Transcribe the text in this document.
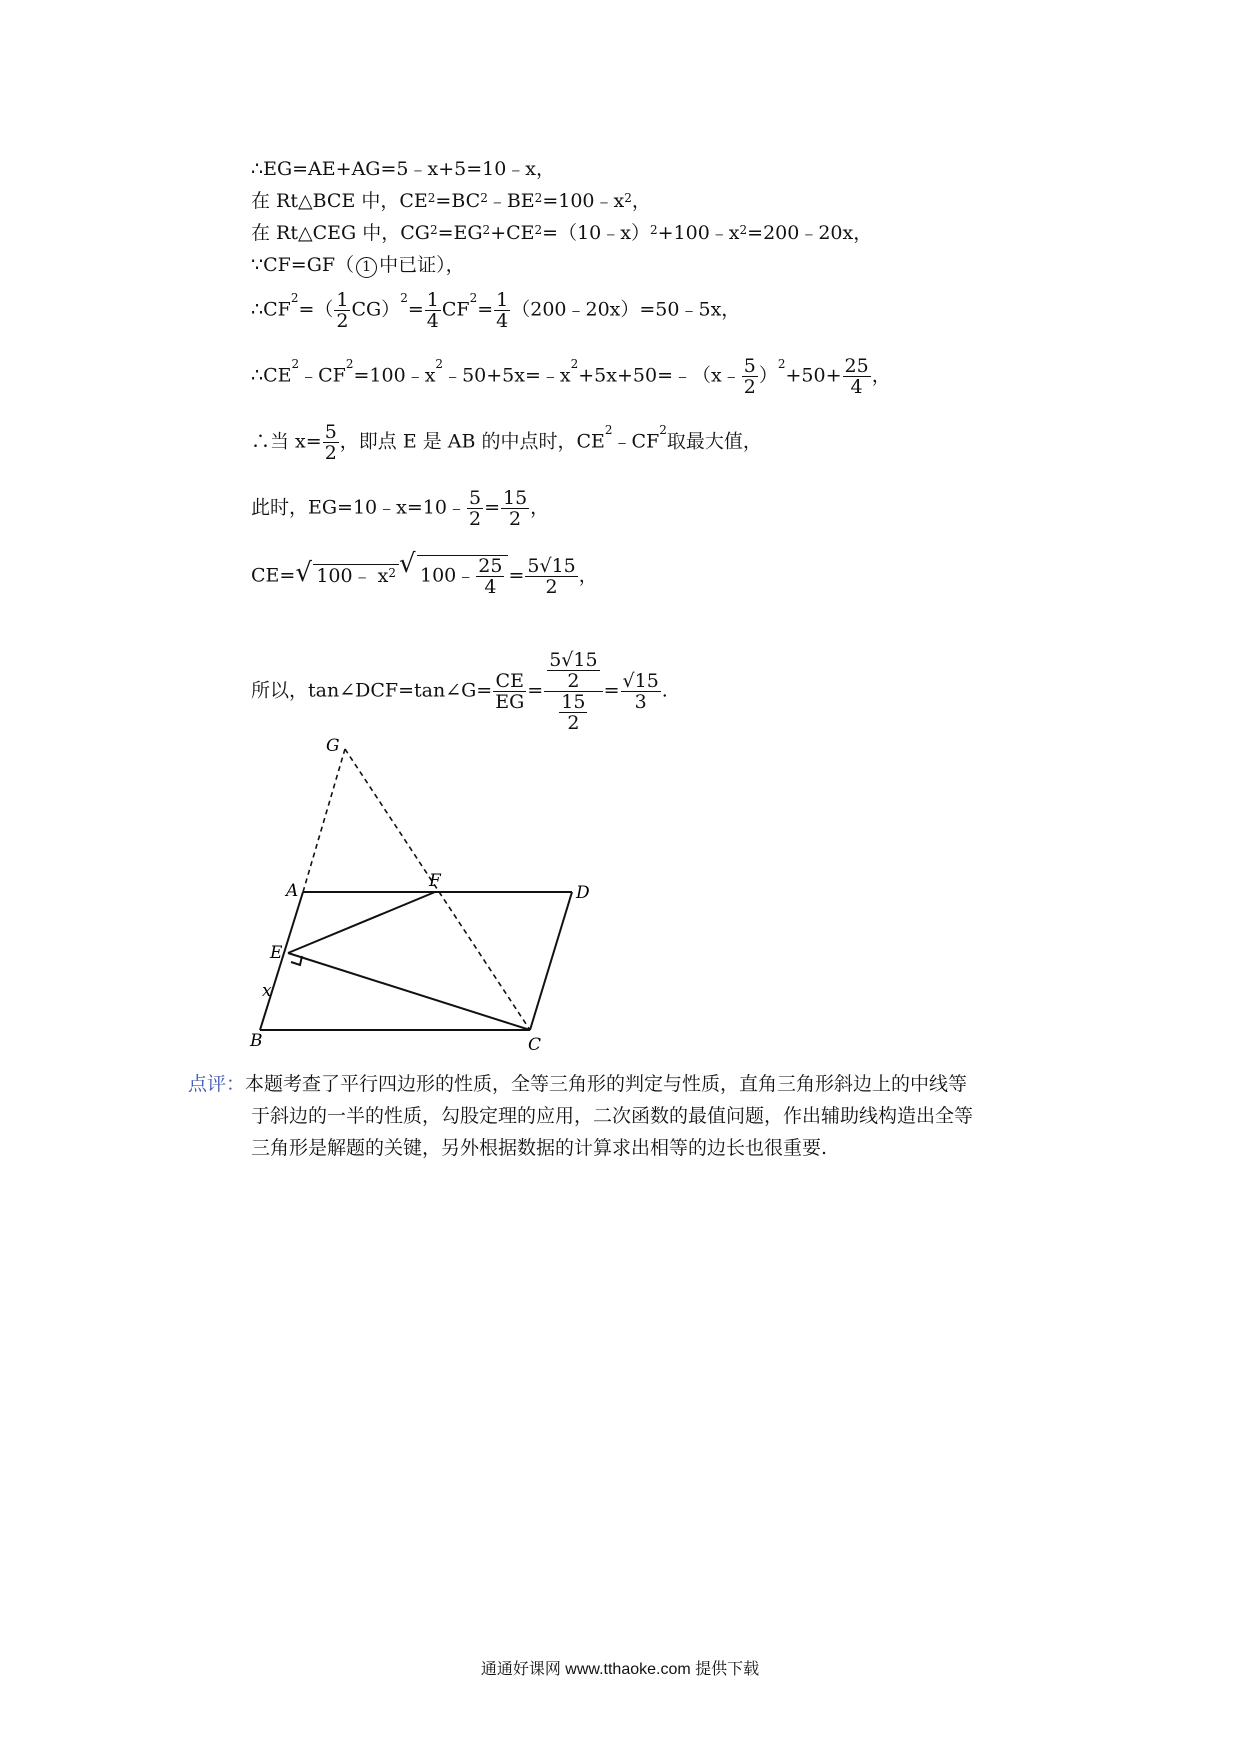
∴EG=AE+AG=5﹣x+5=10﹣x，
在 Rt△BCE 中，$CE^2=BC^2﹣BE^2=100﹣x^2$，
在 Rt△CEG 中，$CG^2=EG^2+CE^2=(10﹣x)^2+100﹣x^2=200﹣20x$，
∵CF=GF（ 1 中已证），
$\therefore CF^2=( \frac{1}{2} CG)^2= \frac{1}{4} CF^2= \frac{1}{4}$ （200﹣20x）=50﹣5x，
$\therefore CE^2﹣CF^2=100﹣x^2﹣50+5x=﹣x^2+5x+50=﹣(x﹣ \frac{5}{2} )^2+50+ \frac{25}{4}$ ，
∴当 $x= \frac{5}{2}$ ，即点 E 是 AB 的中点时，$CE^2﹣CF^2$取最大值，
此时，EG=10﹣x=10﹣ $\frac{5}{2} = \frac{15}{2}$ ，
CE= √ 100﹣ $x^2$ √ 100﹣ $\frac{25}{4} = \frac{5√15}{2}$ ，
所以，tan∠DCF=tan∠G= $\frac{CE}{EG} = \frac{\frac{5√15}{2}}{\frac{15}{2}} = \frac{√15}{3}$ .
G
A	F
D
E
x
B	C
点评：本题考查了平行四边形的性质，全等三角形的判定与性质，直角三角形斜边上的中线等
于斜边的一半的性质，勾股定理的应用，二次函数的最值问题，作出辅助线构造出全等
三角形是解题的关键，另外根据数据的计算求出相等的边长也很重要.
通通好课网 www.tthaoke.com 提供下载
